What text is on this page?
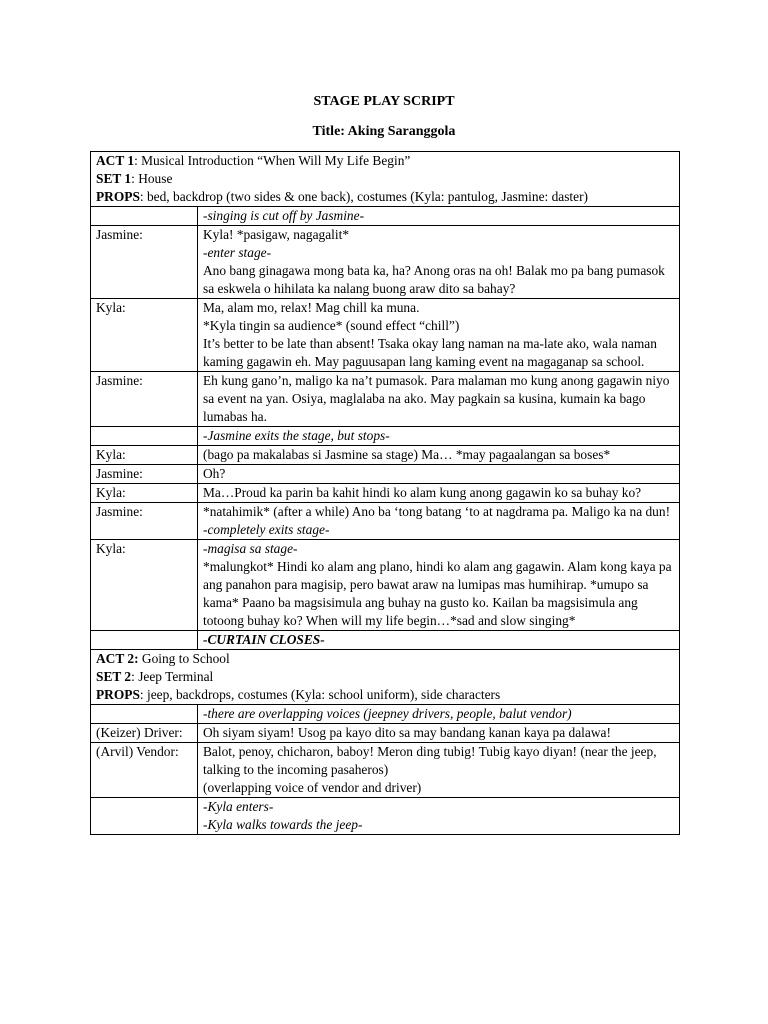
STAGE PLAY SCRIPT
Title: Aking Saranggola
ACT 1: Musical Introduction “When Will My Life Begin”
SET 1: House
PROPS: bed, backdrop (two sides & one back), costumes (Kyla: pantulog, Jasmine: daster)	

	-singing is cut off by Jasmine-

Jasmine:	Kyla! *pasigaw, nagagalit*
-enter stage-
Ano bang ginagawa mong bata ka, ha? Anong oras na oh! Balak mo pa bang pumasok sa eskwela o hihilata ka nalang buong araw dito sa bahay?

Kyla:	Ma, alam mo, relax! Mag chill ka muna.
*Kyla tingin sa audience* (sound effect “chill”)
It’s better to be late than absent! Tsaka okay lang naman na ma-late ako, wala naman kaming gagawin eh. May paguusapan lang kaming event na magaganap sa school.

Jasmine:	Eh kung gano’n, maligo ka na’t pumasok. Para malaman mo kung anong gagawin niyo sa event na yan. Osiya, maglalaba na ako. May pagkain sa kusina, kumain ka bago lumabas ha.

	-Jasmine exits the stage, but stops-

Kyla:	(bago pa makalabas si Jasmine sa stage) Ma… *may pagaalangan sa boses*

Jasmine:	Oh?

Kyla:	Ma…Proud ka parin ba kahit hindi ko alam kung anong gagawin ko sa buhay ko?

Jasmine:	*natahimik* (after a while) Ano ba ‘tong batang ‘to at nagdrama pa. Maligo ka na dun!
-completely exits stage-

Kyla:	-magisa sa stage-
*malungkot* Hindi ko alam ang plano, hindi ko alam ang gagawin. Alam kong kaya pa ang panahon para magisip, pero bawat araw na lumipas mas humihirap. *umupo sa kama* Paano ba magsisimula ang buhay na gusto ko. Kailan ba magsisimula ang totoong buhay ko? When will my life begin…*sad and slow singing*

	-CURTAIN CLOSES-

ACT 2: Going to School
SET 2: Jeep Terminal
PROPS: jeep, backdrops, costumes (Kyla: school uniform), side characters	

	-there are overlapping voices (jeepney drivers, people, balut vendor)

(Keizer) Driver:	Oh siyam siyam! Usog pa kayo dito sa may bandang kanan kaya pa dalawa!

(Arvil) Vendor:	Balot, penoy, chicharon, baboy! Meron ding tubig! Tubig kayo diyan! (near the jeep, talking to the incoming pasaheros)
(overlapping voice of vendor and driver)

	-Kyla enters-
-Kyla walks towards the jeep-
